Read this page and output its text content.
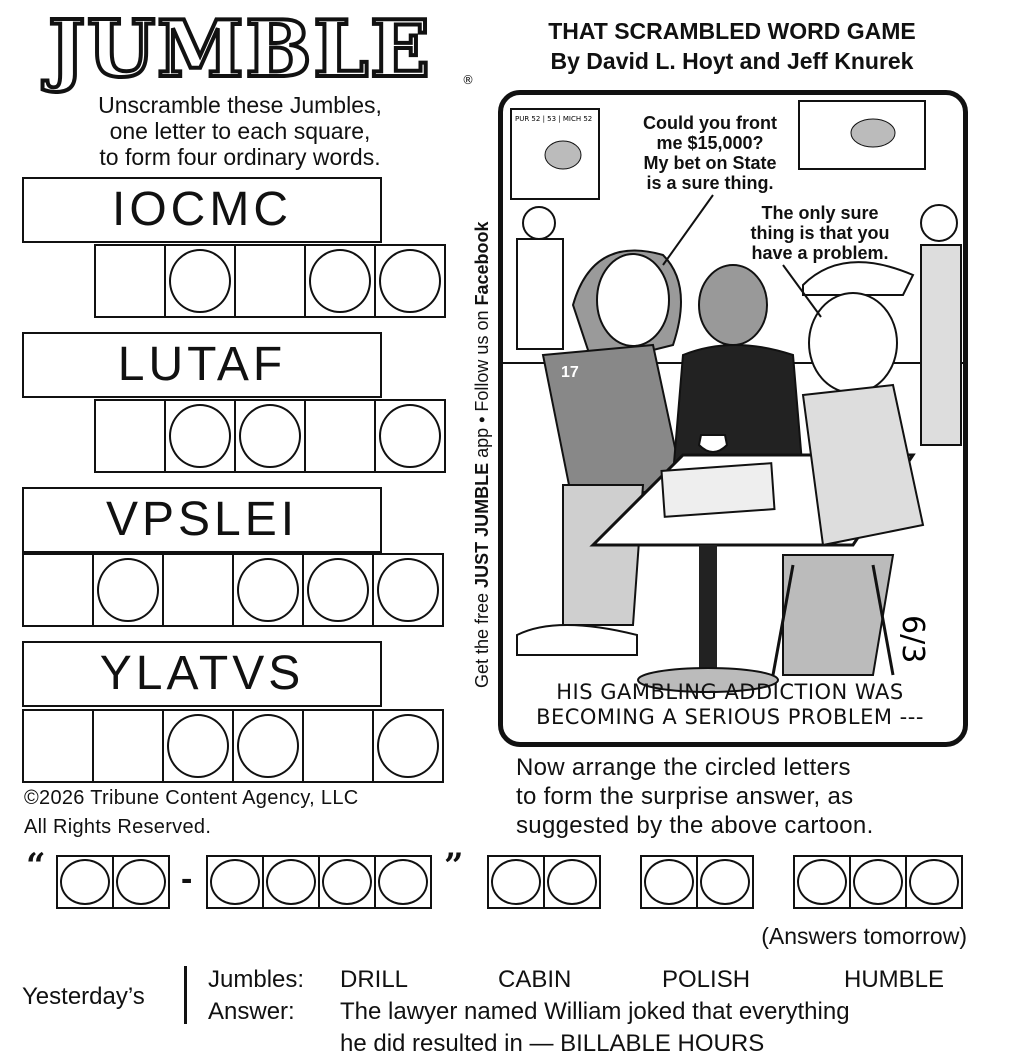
JUMBLE	®
THAT SCRAMBLED WORD GAME
By David L. Hoyt and Jeff Knurek
Unscramble these Jumbles,
one letter to each square,
to form four ordinary words.
IOCMC
LUTAF
VPSLEI
YLATVS	Get the free JUST JUMBLE app • Follow us on Facebook
PUR 52 | 53 | MICH 52
17
6/3
Could you front
me $15,000?
My bet on State
is a sure thing.
The only sure
thing is that you
have a problem.
HIS GAMBLING ADDICTION WAS
BECOMING A SERIOUS PROBLEM ---
©2026 Tribune Content Agency, LLC
All Rights Reserved.
Now arrange the circled letters
to form the surprise answer, as
suggested by the above cartoon.
“	-	”
(Answers tomorrow)
Yesterday’s
Jumbles: DRILL	CABIN	POLISH	HUMBLE
Answer: The lawyer named William joked that everything
he did resulted in — BILLABLE HOURS
